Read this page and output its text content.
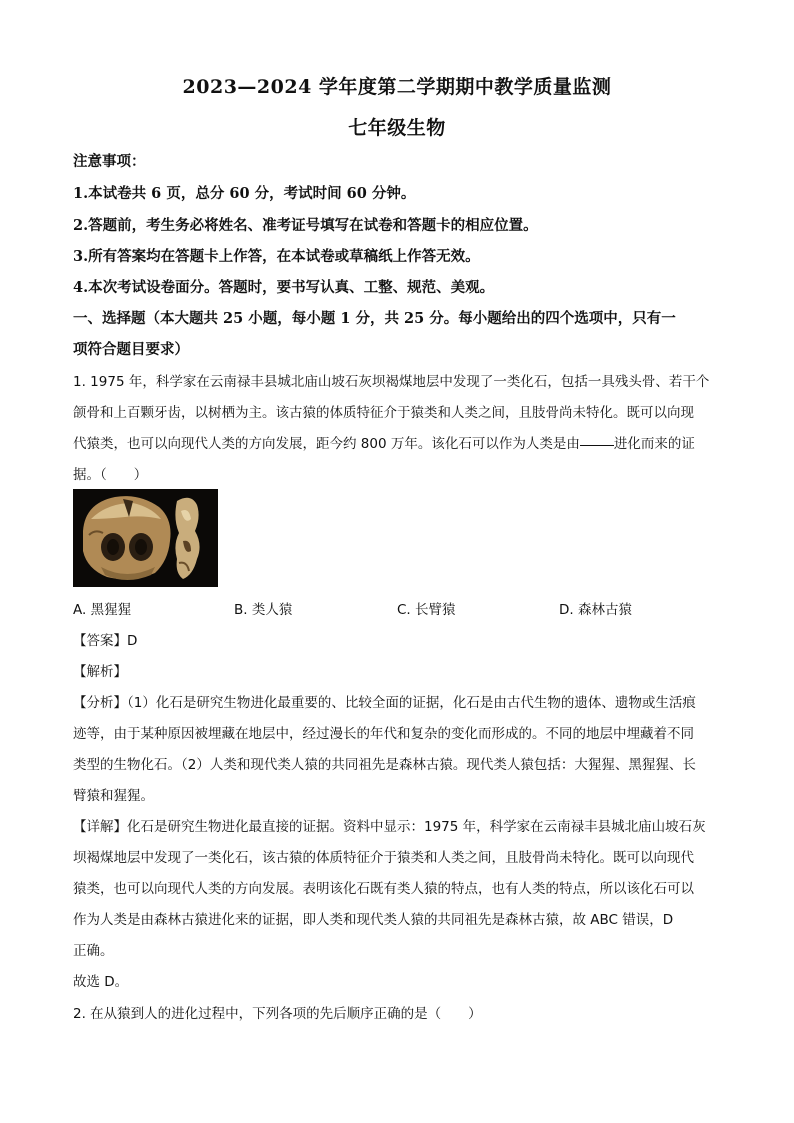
2023—2024 学年度第二学期期中教学质量监测
七年级生物
注意事项：
1.本试卷共 6 页，总分 60 分，考试时间 60 分钟。
2.答题前，考生务必将姓名、准考证号填写在试卷和答题卡的相应位置。
3.所有答案均在答题卡上作答，在本试卷或草稿纸上作答无效。
4.本次考试设卷面分。答题时，要书写认真、工整、规范、美观。
一、选择题（本大题共 25 小题，每小题 1 分，共 25 分。每小题给出的四个选项中，只有一
项符合题目要求）
1. 1975 年，科学家在云南禄丰县城北庙山坡石灰坝褐煤地层中发现了一类化石，包括一具残头骨、若干个
颌骨和上百颗牙齿，以树栖为主。该古猿的体质特征介于猿类和人类之间，且肢骨尚未特化。既可以向现
代猿类，也可以向现代人类的方向发展，距今约 800 万年。该化石可以作为人类是由	进化而来的证
据。（　　）
A. 黑猩猩	B. 类人猿	C. 长臂猿	D. 森林古猿
【答案】D
【解析】
【分析】（1）化石是研究生物进化最重要的、比较全面的证据，化石是由古代生物的遗体、遗物或生活痕
迹等，由于某种原因被埋藏在地层中，经过漫长的年代和复杂的变化而形成的。不同的地层中埋藏着不同
类型的生物化石。（2）人类和现代类人猿的共同祖先是森林古猿。现代类人猿包括：大猩猩、黑猩猩、长
臂猿和猩猩。
【详解】化石是研究生物进化最直接的证据。资料中显示：1975 年，科学家在云南禄丰县城北庙山坡石灰
坝褐煤地层中发现了一类化石，该古猿的体质特征介于猿类和人类之间，且肢骨尚未特化。既可以向现代
猿类，也可以向现代人类的方向发展。表明该化石既有类人猿的特点，也有人类的特点，所以该化石可以
作为人类是由森林古猿进化来的证据，即人类和现代类人猿的共同祖先是森林古猿，故 ABC 错误，D
正确。
故选 D。
2. 在从猿到人的进化过程中，下列各项的先后顺序正确的是（　　）
